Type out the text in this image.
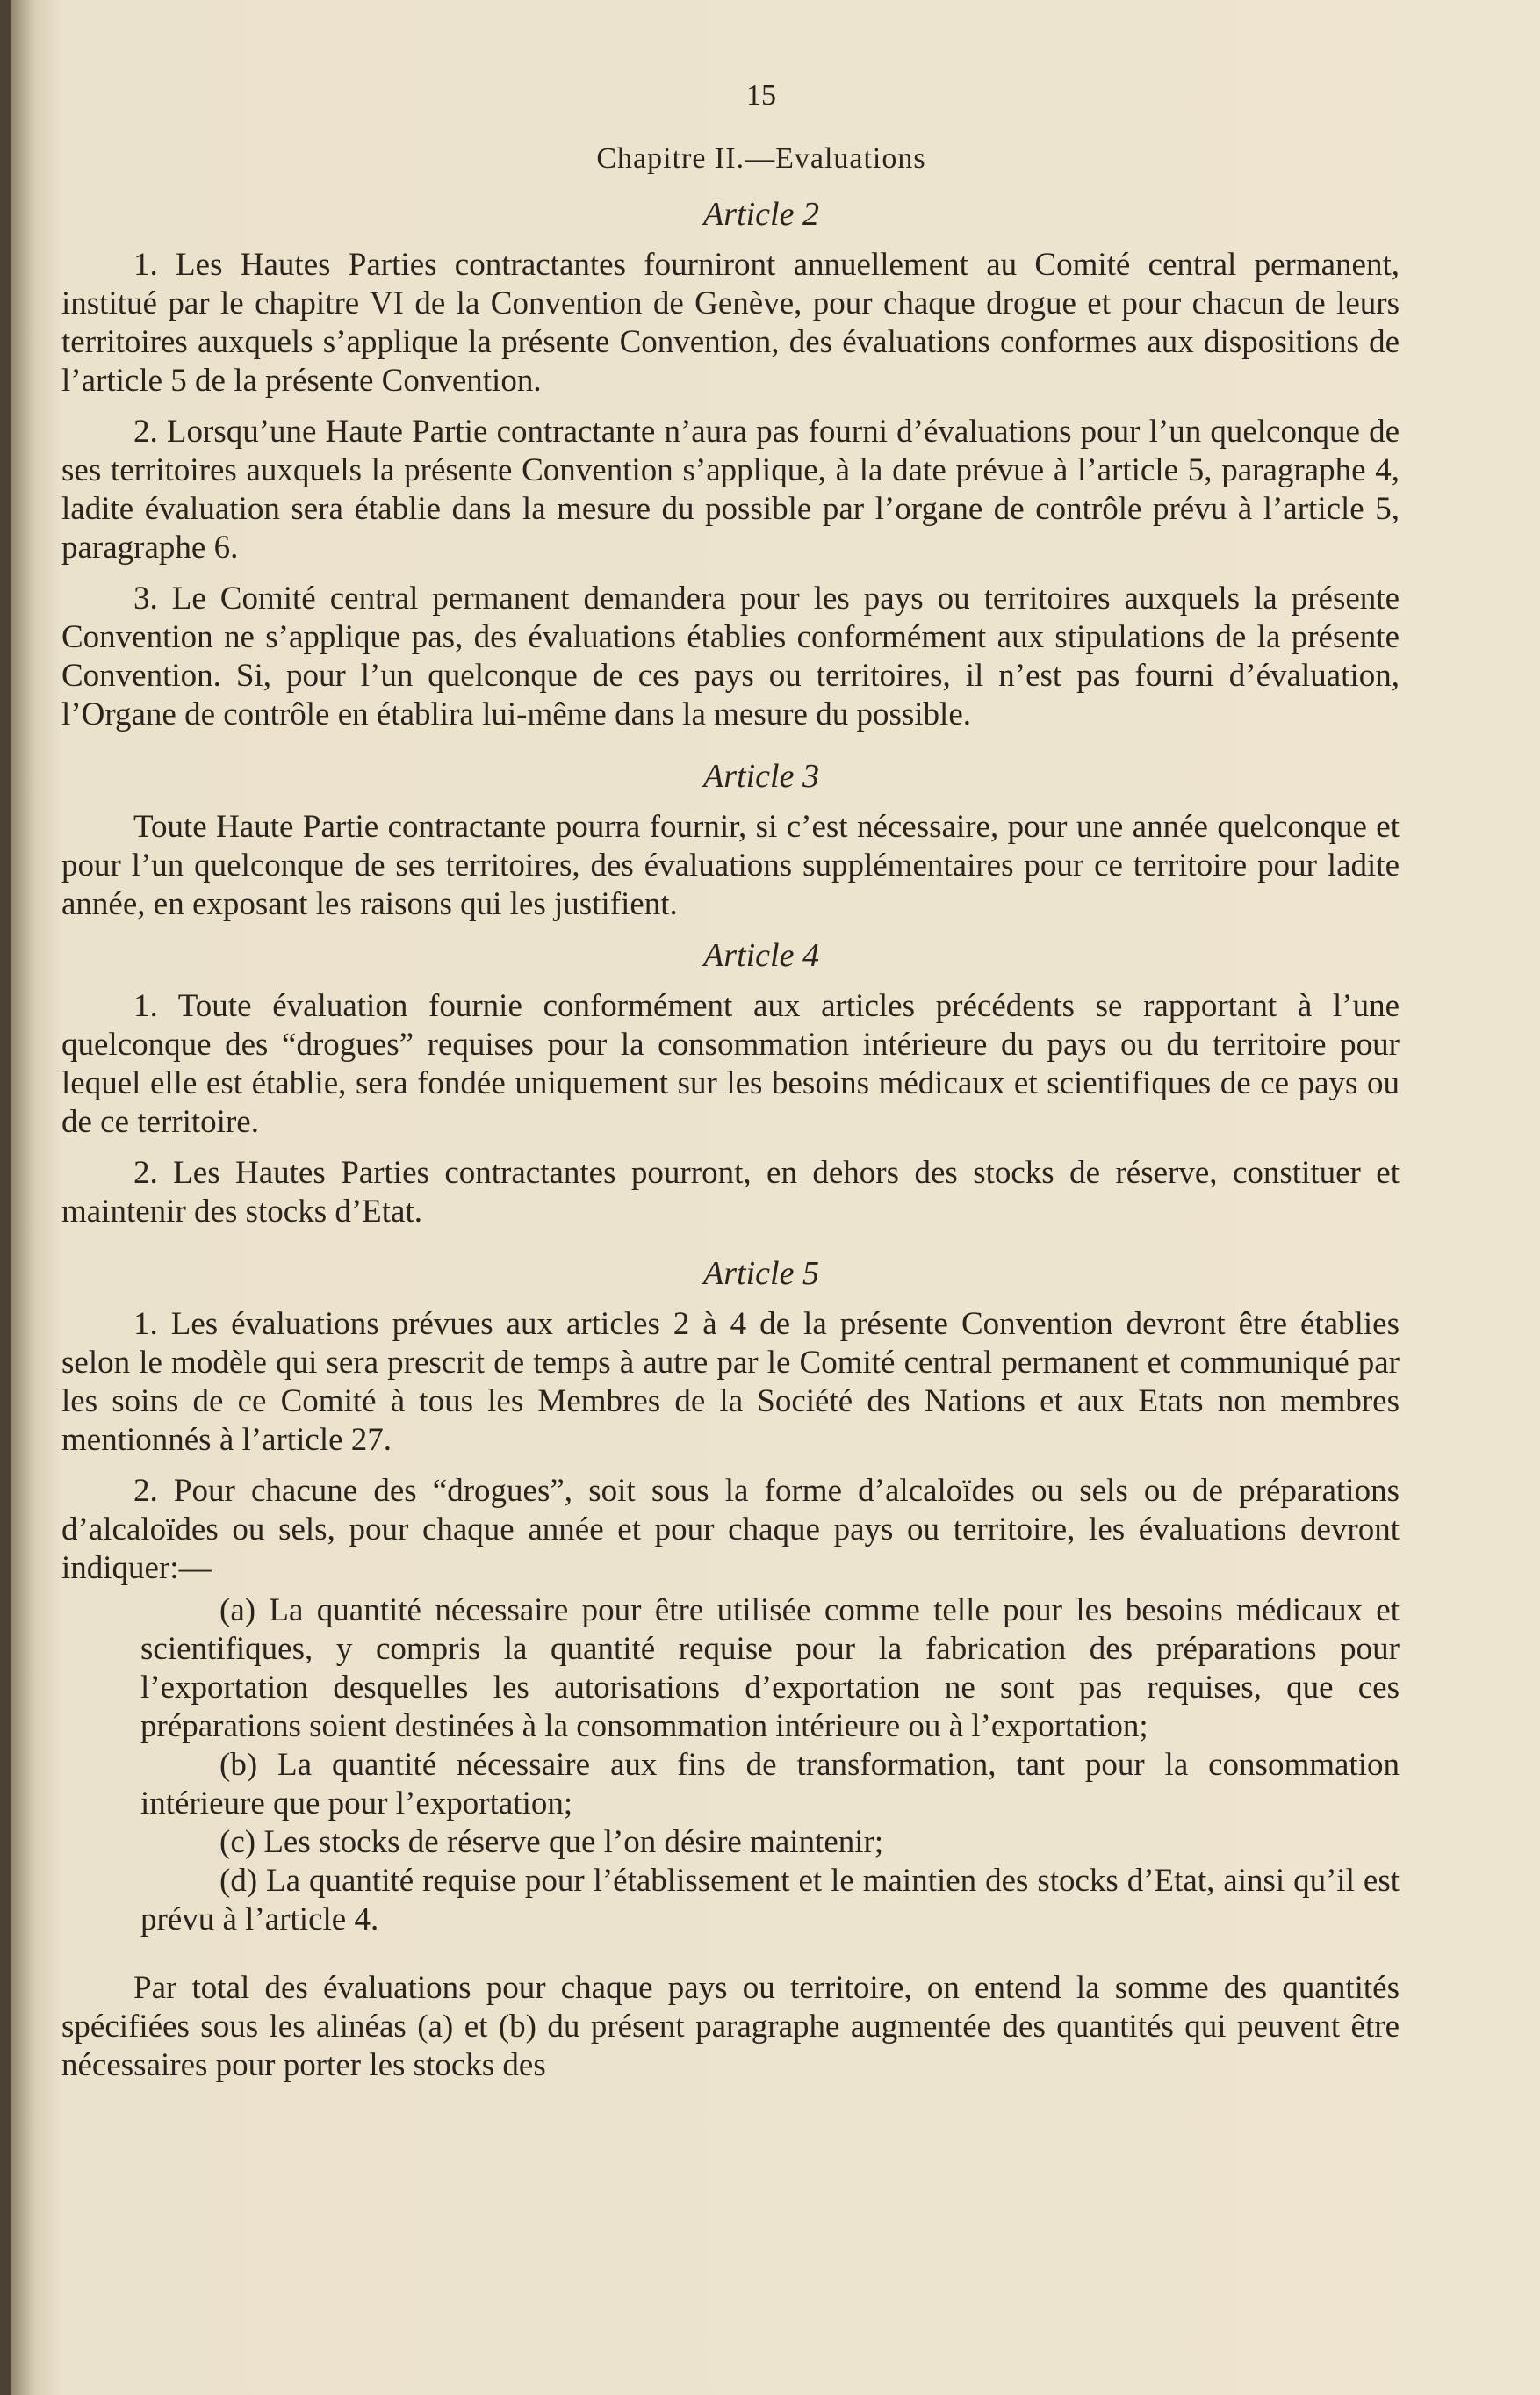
15
Chapitre II.—Evaluations
Article 2

1. Les Hautes Parties contractantes fourniront annuellement au Comité central permanent, institué par le chapitre VI de la Convention de Genève, pour chaque drogue et pour chacun de leurs territoires auxquels s’applique la présente Convention, des évaluations conformes aux dispositions de l’article 5 de la présente Convention.

2. Lorsqu’une Haute Partie contractante n’aura pas fourni d’évaluations pour l’un quelconque de ses territoires auxquels la présente Convention s’applique, à la date prévue à l’article 5, paragraphe 4, ladite évaluation sera établie dans la mesure du possible par l’organe de contrôle prévu à l’article 5, paragraphe 6.

3. Le Comité central permanent demandera pour les pays ou territoires auxquels la présente Convention ne s’applique pas, des évaluations établies conformément aux stipulations de la présente Convention. Si, pour l’un quelconque de ces pays ou territoires, il n’est pas fourni d’évaluation, l’Organe de contrôle en établira lui-même dans la mesure du possible.

Article 3

Toute Haute Partie contractante pourra fournir, si c’est nécessaire, pour une année quelconque et pour l’un quelconque de ses territoires, des évaluations supplémentaires pour ce territoire pour ladite année, en exposant les raisons qui les justifient.

Article 4

1. Toute évaluation fournie conformément aux articles précédents se rapportant à l’une quelconque des “drogues” requises pour la consommation intérieure du pays ou du territoire pour lequel elle est établie, sera fondée uniquement sur les besoins médicaux et scientifiques de ce pays ou de ce territoire.

2. Les Hautes Parties contractantes pourront, en dehors des stocks de réserve, constituer et maintenir des stocks d’Etat.

Article 5

1. Les évaluations prévues aux articles 2 à 4 de la présente Convention devront être établies selon le modèle qui sera prescrit de temps à autre par le Comité central permanent et communiqué par les soins de ce Comité à tous les Membres de la Société des Nations et aux Etats non membres mentionnés à l’article 27.

2. Pour chacune des “drogues”, soit sous la forme d’alcaloïdes ou sels ou de préparations d’alcaloïdes ou sels, pour chaque année et pour chaque pays ou territoire, les évaluations devront indiquer:—

(a) La quantité nécessaire pour être utilisée comme telle pour les besoins médicaux et scientifiques, y compris la quantité requise pour la fabrication des préparations pour l’exportation desquelles les autorisations d’exportation ne sont pas requises, que ces préparations soient destinées à la consommation intérieure ou à l’exportation;

(b) La quantité nécessaire aux fins de transformation, tant pour la consommation intérieure que pour l’exportation;

(c) Les stocks de réserve que l’on désire maintenir;

(d) La quantité requise pour l’établissement et le maintien des stocks d’Etat, ainsi qu’il est prévu à l’article 4.

Par total des évaluations pour chaque pays ou territoire, on entend la somme des quantités spécifiées sous les alinéas (a) et (b) du présent paragraphe augmentée des quantités qui peuvent être nécessaires pour porter les stocks des
